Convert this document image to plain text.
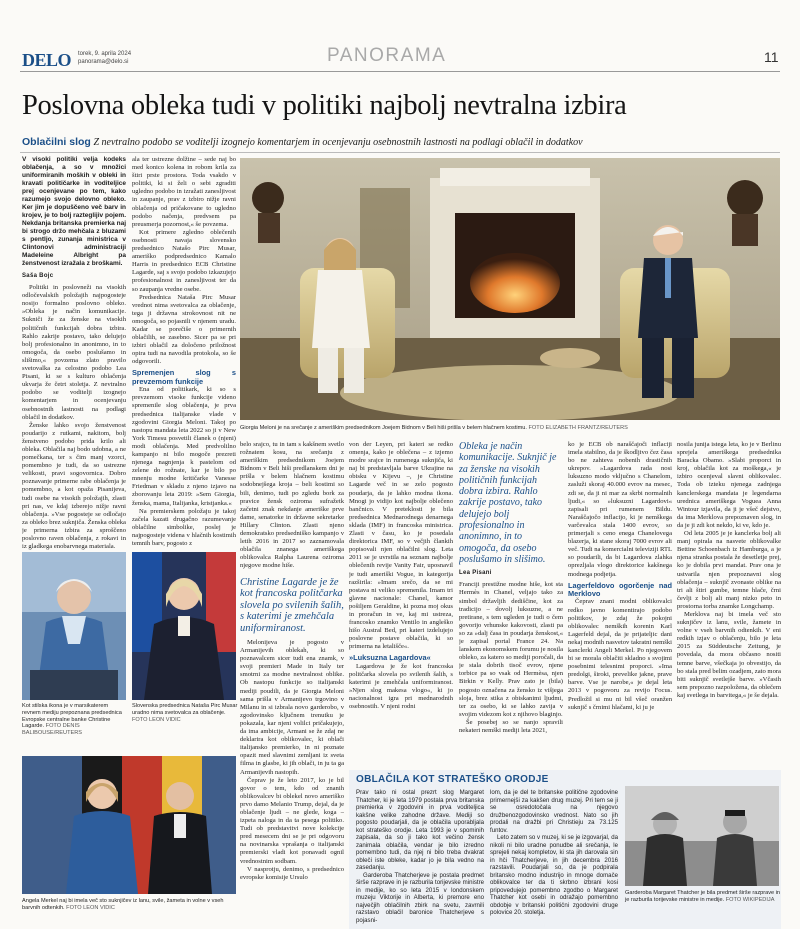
DELO torek, 9. aprila 2024
panorama@delo.si	PANORAMA	11
Poslovna obleka tudi v politiki najbolj nevtralna izbira
Oblačilni slog Z nevtralno podobo se voditelji izognejo komentarjem in ocenjevanju osebnostnih lastnosti na podlagi oblačil in dodatkov

V visoki politiki velja kodeks oblačenja, a so v množici uniformiranih moških v obleki in kravati političarke in voditeljice prej ocenjevane po tem, kako razumejo svojo delovno obleko. Ker jim je dopuščeno več barv in krojev, je to bolj razteglijiv pojem. Nekdanja britanska premierka naj bi strogo držo mehčala z bluzami s pentljo, zunanja ministrica v Clintonovi administraciji Madeleine Albright pa ženstvenost izražala z broškami.

Saša Bojc

Politiki in poslovneži na visokih odločevalskih položajih najpogosteje nosijo formalno poslovno obleko. »Obleka je način komunikacije. Sukniči že za ženske na visokih političnih funkcijah dobra izbira. Rahlo zakrije postavo, tako delujejo bolj profesionalno in anonimno, in to omogoča, da osebo poslušamo in slišimo,« povzema zlato pravilo svetovalka za celostno podobo Lea Pisani, ki se s kulturo oblačenja ukvarja že četrt stoletja. Z nevtralno podobo se voditelji izognejo komentarjem in ocenjevanju osebnostnih lastnosti na podlagi oblačil in dodatkov.

Ženske lahko svojo ženstvenost poudarijo z rutkami, nakitom, bolj ženstveno podobo prida krilo ali obleka. Oblačila naj bodo udobna, a ne pomečkana, ter s čim manj vzorci, pomembno je tudi, da so ustrezne velikosti, pravi sogovornica. Dobro poznavanje primerne rabe oblačenja je pomembno, a kot opaža Pisanijeva, tudi osebe na visokih položajih, zlasti pri nas, ve kdaj izberejo nižje ravni oblačenja. »Vse pogosteje se odločajo za obleko brez suknjiča. Ženska obleka je primerna izbira za sproščeno poslovno raven oblačenja, z rokavi in iz gladkega enobarvnega materiala.

ala ter ustrezne dolžine – sede naj bo med konico kolena in robom krila za štiri prste prostora. Toda vsakdo v politiki, ki si želi o sebi zgraditi ugledno podobo in izražati zanesljivost in zaupanje, prav z izbiro nižje ravni oblačenja od pričakovane to ugledno podobo načenja, predvsem pa preusmerja pozornost,« še povzema.

Kot primere zgledno oblečenih osebnosti navaja slovensko predsednico Natašo Pirc Musar, ameriško podpredsednico Kamalo Harris in predsednico ECB Christine Lagarde, saj s svojo podobo izkazujejo profesionalnost in zanesljivost ter da so zaupanja vredne osebe.

Predsednica Nataša Pirc Musar vrednot nima svetovalca za oblačenje, tega ji državna strokovnost nit ne omogoča, so pojasnili v njenem uradu. Kadar se porečiše o primernih oblačilih, se zasebno. Sicer pa se pri izbiri oblačil za določeno priložnost opira tudi na navodila protokola, so še odgovorili.

Spremenjen slog s prevzemom funkcije

Ena od politikark, ki so s prevzemom visoke funkcije videno spremenile slog oblačenja, je prva predsednica italijanske vlade v zgodovini Giorgia Meloni. Takoj po nastopu mandata leta 2022 so ji v New York Timesu posvetili članek o (njeni) modi oblačenja. Med predvolilno kampanjo ni bilo mogoče prezreti njenega nagnjenja k pastelom od zelene do rožnate, kar je bilo po mnenju modne kritičarke Vanesse Friedman v skladu z njeno izjavo na zborovanju leta 2019: »Sem Giorgia, ženska, mama, Italijanka, kristjanka.«

Na premierskem položaju je takoj začela kazati drugačno razumevanje oblačilne simbolike, poslej je najpogosteje videna v hlačnih kostimih temnih barv, pogosto z

Giorgia Meloni je na srečanje z ameriškim predsednikom Joejem Bidnom v Beli hiši prišla v belem hlačnem kostimu. FOTO ELIZABETH FRANTZ/REUTERS

belo srajco, tu in tam s kakšnem svetlo rožnatem kosu, na srečanju z ameriškim predsednikom Joejem Bidnom v Beli hiši predlanskem dni je prišla v belem hlačnem kostimu sodobnejšega kroja – beli kostimi so bili, denimo, tudi po zgledu bork za pravice žensk oziroma sufražetk začetni znak nekdanje ameriške prve dame, senatorke in državne sekretarke Hillary Clinton. Zlasti njeno demokratsko predsedniško kampanjo v letih 2016 in 2017 so zaznamovala oblačila znanega ameriškega oblikovalca Ralpha Laurena oziroma njegove modne hiše.

Christine Lagarde je že kot francoska politčarka slovela po svilenih šalih, s katerimi je zmehčala uniformiranost.

Melonijeva je pogosto v Armanijevih oblekah, ki so poznavalcem sicer tudi ena znamk, v svoji premieri Made in Italy ter smotrni za modne nevtralnost oblike. Ob nastopu funkcije so italijanski mediji poudili, da je Giorgia Meloni sama prišla v Armanijevo trgovino v Milanu in si izbrala novo garderobo, v zgodovinsko ključnem trenutku je pokazala, kar njeni volilci pričakujejo, da ima ambicije, Armani se že zdaj ne deklarira kot oblikovalec, ki oblači italijansko premierko, in ni poznate opazit med slavnimi zemljani iz sveta filma in glasbe, ki jih oblači, in ju ta ga Armanijevih nastopih.

Čeprav je že leto 2017, ko je bil govor o tem, kdo od znanih oblikovalcev bi oblekel novo ameriško prvo damo Melanio Trump, dejal, da je oblačenje ljudi – ne glede, koga – izpeta naloga in da ta pesega politiko. Tudi ob predstavitvi nove kolekcije pred mesecem dni se je pri odgovoru na novinarska vprašanja o italijanski premierski vladi kot ponavadi ognil vrednostnim sodbam.

V nasprotju, denimo, s predsednico evropske komisije Ursulo

von der Leyen, pri kateri se redko omenja, kako je oblečena – z izjemo modre srajce in rumenega suknjiča, ki naj bi predstavljala barve Ukrajine na obisku v Kijevu –, je Christine Lagarde več in se zelo pogosto poudarja, da je lahko modna ikona. Mnogi jo vidijo kot najbolje oblečeno bančnico. V preteklosti je bila predsednica Mednarodnega denarnega sklada (IMF) in francoska ministrica. Zlasti v času, ko je posedala direktorica IMF, so v večjih člankih popisovali njen oblačilni slog. Leta 2011 se je uvrstila na seznam najbolje oblečenih revije Vanity Fair, uposnavil je tudi ameriški Vogue, in kategorija razširila: »Imam srečo, da se mi postava ni veliko spremenila. Imam tri glavne nacionale: Chanel, kamor pošiljem Geraldine, ki pozna moj okus in proračun in ve, kaj mi ustreza, francosko znamko Ventilo in angleško hišo Austral Bed, pri kateri izdelujejo poslovne postave oblačila, ki so primerna na letališče«.

»Luksuzna Lagardova«

Lagardova je že kot francoska politčarka slovela po svilenih šalih, s katerimi je zmehčala uniformiranost. »Njen slog makesa vlogo«, ki jo nacionalnost igra pri mednarodnih osebnostih. V njeni rodni

Obleka je način komunikacije. Suknjič je za ženske na visokih političnih funkcijah dobra izbira. Rahlo zakrije postavo, tako delujejo bolj profesionalno in anonimno, in to omogoča, da osebo poslušamo in slišimo.
Lea Pisani

Franciji prestižne modne hiše, kot sta Hermès in Chanel, veljajo tako za simbol državljih dediščine, kot za tradicijo – dovolj luksuzne, a ne pretirane, s tem ugleden je tudi o čem govorijo vrhunske kakovosti, zlasti pa so za »dalj časa in poudarja ženskost,« je zapisal portal France 24. Na lanskem ekonomskem forumu je nosila obleko, za katero so mediji poročali, da je stala dobrih tisoč evrov, njene torbice pa so vsak od Hermèsa, njen Birkin v Kelly. Prav zato je (bila) pogosto označena za žensko iz višjega sloja, brez stika z obiskanimi ljudmi, ter za osebo, ki se lahko zavija v svojim videzom kot z njihovo blaginjo.

Še posebej so se nanjo spravili nekateri nemški mediji leta 2021,

ko je ECB ob naraščajoči inflaciji imela stabilno, da je škodljivo čez časa bo ne zahteva nobenih drastičnih ukrepov. »Lagardova rada nosi luksuzno modo vključno s Chanelom, zasluži skoraj 40.000 evrov na mesec, zdi se, da ji ni mar za skrbi normalnih ljudi,« so »luksuzni Lagardovi« zapisali pri rumenem Bildu. Naraščajočo inflacijo, ki je nemškega varčevalca stala 1400 evrov, so primerjali s ceno enega Chanelovega blazerja, ki stane skoraj 7000 evrov ali več. Tudi na komercialni televiziji RTL so poudarili, da bi Lagardova zlahka oprezljala vlogo direktorice kakšnega modnega podjetja.

Lagerfeldovo ogorčenje nad Merklovo

Čeprav znani modni oblikovalci redko javno komentirajo podobo politikov, je zdaj že pokojni oblikovalec nemških korenin Karl Lagerfeld dejal, da je prijateljic dani nekaj modnih nasvetov takratni nemški kanclerki Angeli Merkel. Po njegovem bi se morala oblačiti skladno s svojimi posebnimi telesnimi proporci. »Ima predolgi, široki, prevelike jakne, prave barve. Vse je narobe,« je dejal leta 2013 v pogovoru za revijo Focus. Predložil si mu ni bil všeč oranžen suknjič s črnimi hlačami, ki ju je

nosila junija istega leta, ko je v Berlinu sprejela ameriškega predsednika Baracka Obamo. »Slabi proporci in kroj, oblačila kot za moškega,« je izbiro ocenjeval slavni oblikovalec. Toda ob izteku njenega zadnjega kanclerskega mandata je legendarna urednica ameriškega Voguea Anna Wintour izjavila, da ji je všeč dejstvo, da ima Merklova prepoznaven slog, in da je ji zdi kot nekdo, ki ve, kdo je.

Od leta 2005 je je kanclerka bolj ali manj opirala na nasvete oblikovalke Bettine Schoenbach iz Hamburga, a je njena stranka postala že desetletje prej, ko je dobila prvi mandat. Prav ona je ustvarila njen prepoznavni slog oblačenja – suknjič zvonaste oblike na tri ali štiri gumbe, temne hlače, črni čevlji z bolj ali manj nizko peto in prostorna torba znamke Longchamp.

Merklova naj bi imela več sto suknjičev iz lanu, svile, žamete in volne v vseh barvnih odtenkih. V eni redkih izjav o oblačenju, bilo je leta 2015 za Süddeutsche Zeitung, je povedala, da mora občasno nositi temne barve, všečkaja jo obvestijo, da bo stala pred belim ozadjem, zato mora biti suknjič svetlejše barve. »Včasih sem prepozno razpoložena, da oblečem kaj svetlega in barvitega,« je še dejala.

Kot stilska ikona je v marsikaterem revnem mediju prepoznana predsednica Evropske centralne banke Christine Lagarde. FOTO DENIS BALIBOUSE/REUTERS
Slovenska predsednica Nataša Pirc Musar uradno nima svetovalca za oblačenje. FOTO LEON VIDIC
Angela Merkel naj bi imela več sto suknjičev iz lanu, svile, žameta in volne v vseh barvnih odtenkih. FOTO LEON VIDIC
OBLAČILA KOT STRATEŠKO ORODJE

Prav tako ni ostal prezrt slog Margaret Thatcher, ki je leta 1979 postala prva britanska premierka v zgodovini in prva voditeljica kakšne velike zahodne države. Mediji so pogosto poudarjali, da je oblačila uporabljala kot strateško orodje. Leta 1993 je v spominih zapisala, da so ji tako kot večino žensk zanimala oblačila, vendar je bilo izredno pomembno tudi, da njej ni bilo treba dvakrat obleči iste obleke, kadar jo je bila vedno na zasedanju.

Garderoba Thatcherjeve je postala predmet širše razprave in je razburila torijevske ministre in medije, ko so leta 2015 v londonskem muzeju Viktorije in Alberta, ki premore eno največjih oblačilnih zbirk na svetu, zavrnili razstavo oblačil baronice Thatcherjeve s pojasni-

lom, da je del te britanske politične zgodovine primernejši za kakšen drug muzej. Pri tem se ji se osredotočala na njegovo družbenozgodovinsko vrednost. Nato so jih prodali na dražbi pri Christieju za 73.125 funtov.

Leto zatem so v muzej, ki se je izgovarjal, da nikoli ni bilo uradne ponudbe ali srečanja, le sprejeli nekaj kompletov, ki sta jih darovala sin in hči Thatcherjeve, in jih decembra 2016 razstavili. Poudarjali so, da je podpirala britansko modno industrijo in mnoge domače oblikovalce ter da ti skrbno izbrani kosi pripovedujejo pomembno zgodbo o Margaret Thatcher kot osebi in odražajo pomembno obdobje v britanski politični zgodovini druge polovice 20. stoletja.

Garderoba Margaret Thatcher je bila predmet širše razprave in je razburila torijevske ministre in medije. FOTO WIKIPEDIJA
